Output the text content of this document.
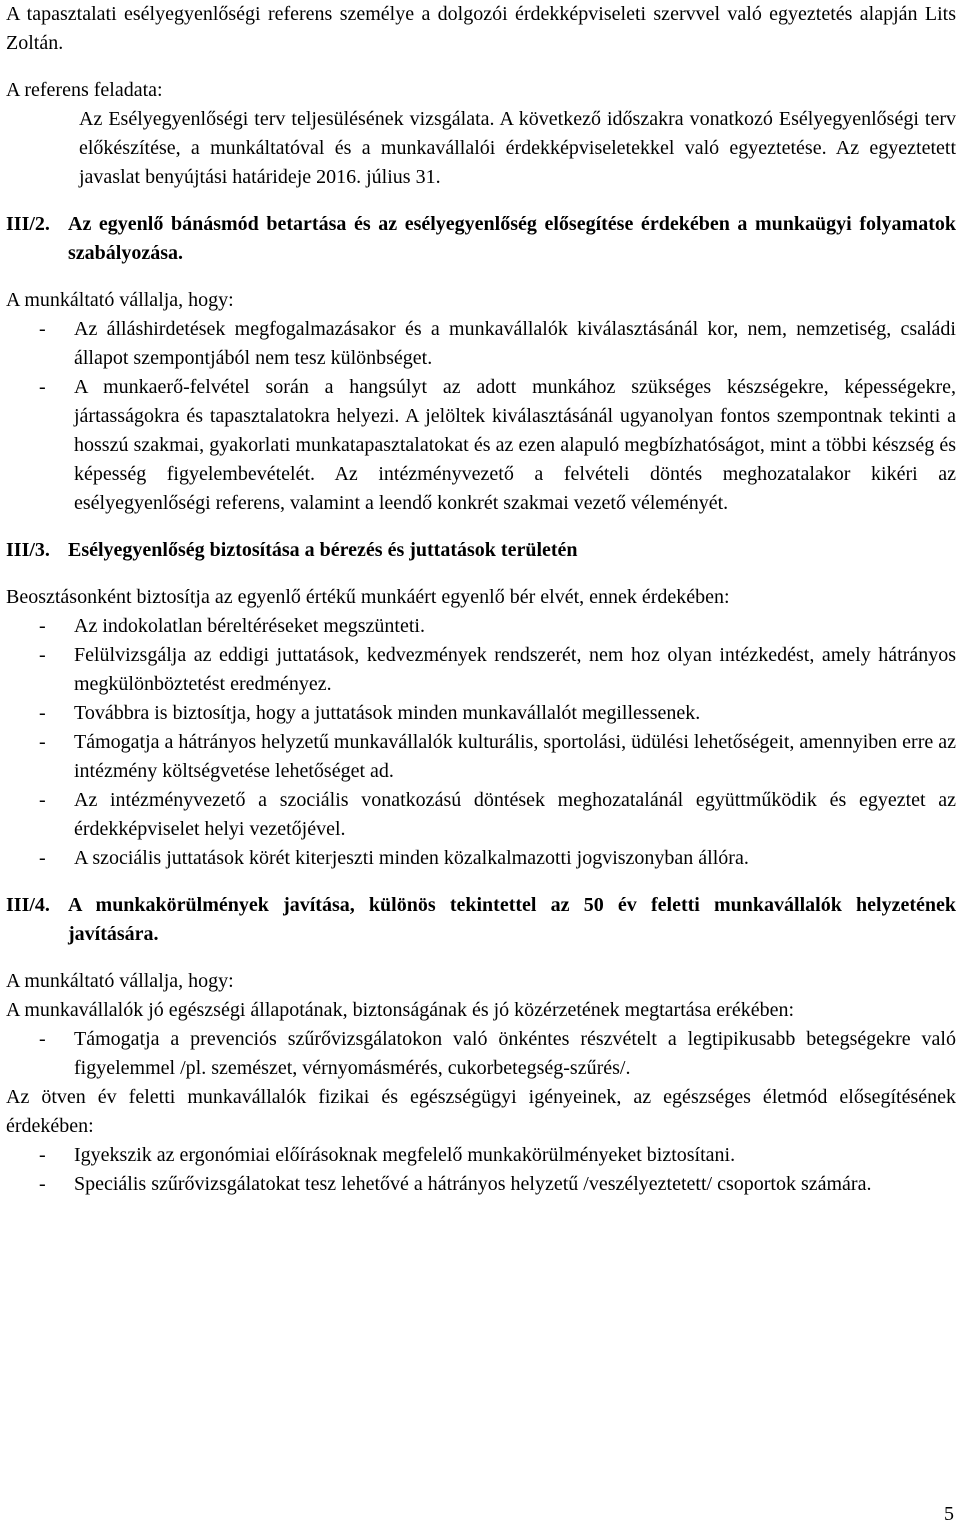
A tapasztalati esélyegyenlőségi referens személye a dolgozói érdekképviseleti szervvel való egyeztetés alapján Lits Zoltán.

A referens feladata:

Az Esélyegyenlőségi terv teljesülésének vizsgálata. A következő időszakra vonatkozó Esélyegyenlőségi terv előkészítése, a munkáltatóval és a munkavállalói érdekképviseletekkel való egyeztetése. Az egyeztetett javaslat benyújtási határideje 2016. július 31.

III/2. Az egyenlő bánásmód betartása és az esélyegyenlőség elősegítése érdekében a munkaügyi folyamatok szabályozása.

A munkáltató vállalja, hogy:

-	Az álláshirdetések megfogalmazásakor és a munkavállalók kiválasztásánál kor, nem, nemzetiség, családi állapot szempontjából nem tesz különbséget.
-	A munkaerő-felvétel során a hangsúlyt az adott munkához szükséges készségekre, képességekre, jártasságokra és tapasztalatokra helyezi. A jelöltek kiválasztásánál ugyanolyan fontos szempontnak tekinti a hosszú szakmai, gyakorlati munkatapasztalatokat és az ezen alapuló megbízhatóságot, mint a többi készség és képesség figyelembevételét. Az intézményvezető a felvételi döntés meghozatalakor kikéri az esélyegyenlőségi referens, valamint a leendő konkrét szakmai vezető véleményét.
III/3. Esélyegyenlőség biztosítása a bérezés és juttatások területén

Beosztásonként biztosítja az egyenlő értékű munkáért egyenlő bér elvét, ennek érdekében:

-	Az indokolatlan béreltéréseket megszünteti.
-	Felülvizsgálja az eddigi juttatások, kedvezmények rendszerét, nem hoz olyan intézkedést, amely hátrányos megkülönböztetést eredményez.
-	Továbbra is biztosítja, hogy a juttatások minden munkavállalót megillessenek.
-	Támogatja a hátrányos helyzetű munkavállalók kulturális, sportolási, üdülési lehetőségeit, amennyiben erre az intézmény költségvetése lehetőséget ad.
-	Az intézményvezető a szociális vonatkozású döntések meghozatalánál együttműködik és egyeztet az érdekképviselet helyi vezetőjével.
-	A szociális juttatások körét kiterjeszti minden közalkalmazotti jogviszonyban állóra.
III/4. A munkakörülmények javítása, különös tekintettel az 50 év feletti munkavállalók helyzetének javítására.

A munkáltató vállalja, hogy:

A munkavállalók jó egészségi állapotának, biztonságának és jó közérzetének megtartása erékében:

-	Támogatja a prevenciós szűrővizsgálatokon való önkéntes részvételt a legtipikusabb betegségekre való figyelemmel /pl. szemészet, vérnyomásmérés, cukorbetegség-szűrés/.

Az ötven év feletti munkavállalók fizikai és egészségügyi igényeinek, az egészséges életmód elősegítésének érdekében:

-	Igyekszik az ergonómiai előírásoknak megfelelő munkakörülményeket biztosítani.
-	Speciális szűrővizsgálatokat tesz lehetővé a hátrányos helyzetű /veszélyeztetett/ csoportok számára.
5
